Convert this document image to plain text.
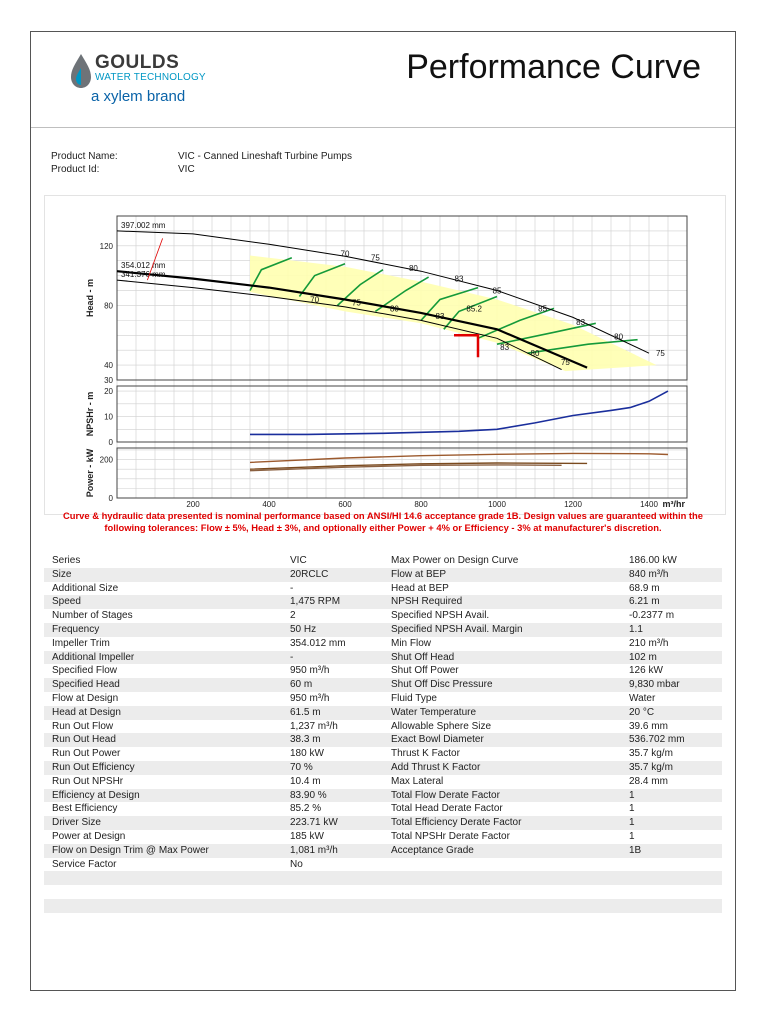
GOULDS
WATER TECHNOLOGY
a xylem brand
Performance Curve
Product Name:	VIC - Canned Lineshaft Turbine Pumps
Product Id:	VIC
397.002 mm
354.012 mm
341.376 mm
70	75
80
83
85
85
83
80
75
70	75
80
83
85.2
83
80
75
200	400	600	800	1000	1200	1400 m³/hr
30
40
80
120
0
10
20
0
200
Head - m
NPSHr - m
Power - kW
Curve & hydraulic data presented is nominal performance based on ANSI/HI 14.6 acceptance grade 1B. Design values are guaranteed within the following tolerances: Flow ± 5%, Head ± 3%, and optionally either Power + 4% or Efficiency - 3% at manufacturer's discretion.
Series	VIC	Max Power on Design Curve	186.00 kW
Size	20RCLC	Flow at BEP	840 m³/h
Additional Size	-	Head at BEP	68.9 m
Speed	1,475 RPM	NPSH Required	6.21 m
Number of Stages	2	Specified NPSH Avail.	-0.2377 m
Frequency	50 Hz	Specified NPSH Avail. Margin	1.1
Impeller Trim	354.012 mm	Min Flow	210 m³/h
Additional Impeller	-	Shut Off Head	102 m
Specified Flow	950 m³/h	Shut Off Power	126 kW
Specified Head	60 m	Shut Off Disc Pressure	9,830 mbar
Flow at Design	950 m³/h	Fluid Type	Water
Head at Design	61.5 m	Water Temperature	20 °C
Run Out Flow	1,237 m³/h	Allowable Sphere Size	39.6 mm
Run Out Head	38.3 m	Exact Bowl Diameter	536.702 mm
Run Out Power	180 kW	Thrust K Factor	35.7 kg/m
Run Out Efficiency	70 %	Add Thrust K Factor	35.7 kg/m
Run Out NPSHr	10.4 m	Max Lateral	28.4 mm
Efficiency at Design	83.90 %	Total Flow Derate Factor	1
Best Efficiency	85.2 %	Total Head Derate Factor	1
Driver Size	223.71 kW	Total Efficiency Derate Factor	1
Power at Design	185 kW	Total NPSHr Derate Factor	1
Flow on Design Trim @ Max Power	1,081 m³/h	Acceptance Grade	1B
Service Factor	No
